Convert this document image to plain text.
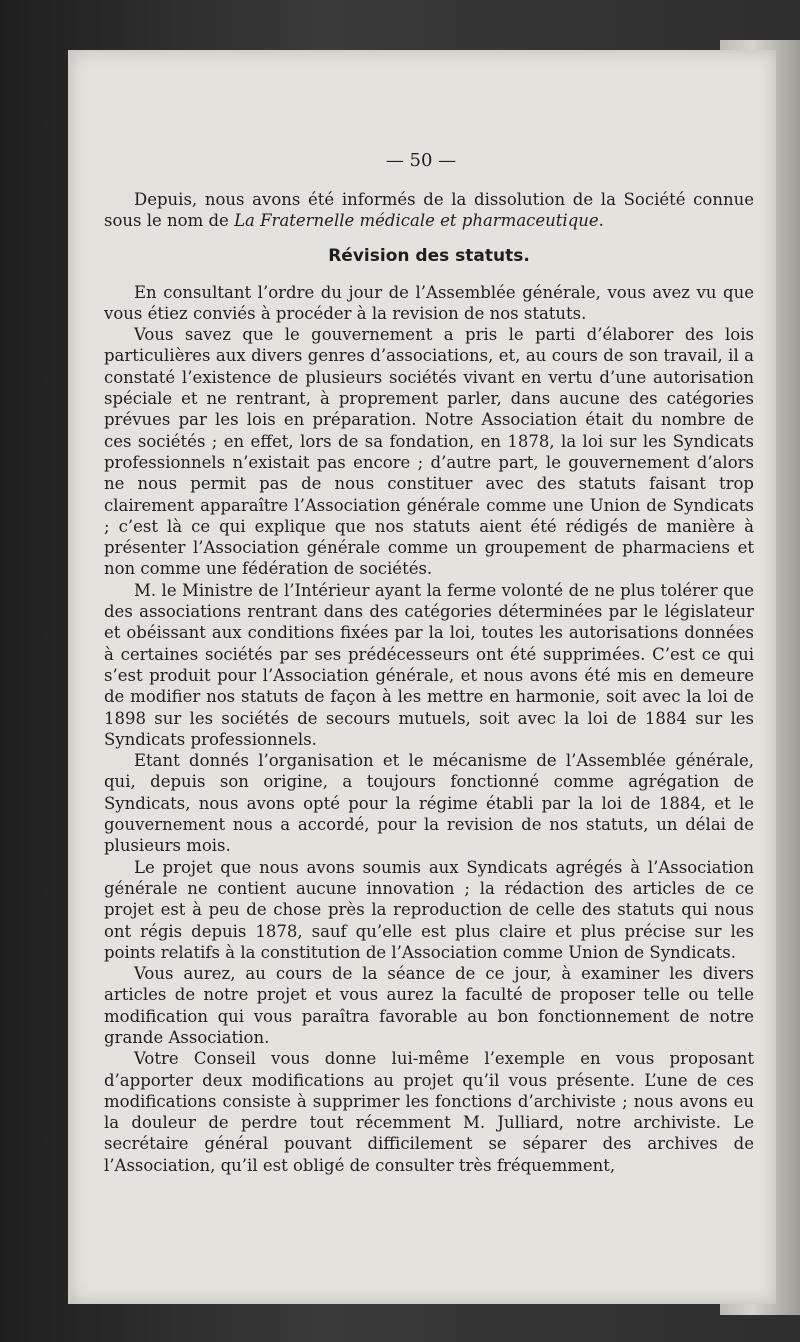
— 50 —

Depuis, nous avons été informés de la dissolution de la Société connue sous le nom de La Fraternelle médicale et pharmaceutique.

Révision des statuts.

En consultant l’ordre du jour de l’Assemblée générale, vous avez vu que vous étiez conviés à procéder à la revision de nos statuts.

Vous savez que le gouvernement a pris le parti d’élaborer des lois particulières aux divers genres d’associations, et, au cours de son travail, il a constaté l’existence de plusieurs sociétés vivant en vertu d’une autorisation spéciale et ne rentrant, à proprement parler, dans aucune des catégories prévues par les lois en préparation. Notre Association était du nombre de ces sociétés ; en effet, lors de sa fondation, en 1878, la loi sur les Syndicats professionnels n’existait pas encore ; d’autre part, le gouvernement d’alors ne nous permit pas de nous constituer avec des statuts faisant trop clairement apparaître l’Association générale comme une Union de Syndicats ; c’est là ce qui explique que nos statuts aient été rédigés de manière à présenter l’Association générale comme un groupement de pharmaciens et non comme une fédération de sociétés.

M. le Ministre de l’Intérieur ayant la ferme volonté de ne plus tolérer que des associations rentrant dans des catégories déterminées par le législateur et obéissant aux conditions fixées par la loi, toutes les autorisations données à certaines sociétés par ses prédécesseurs ont été supprimées. C’est ce qui s’est produit pour l’Association générale, et nous avons été mis en demeure de modifier nos statuts de façon à les mettre en harmonie, soit avec la loi de 1898 sur les sociétés de secours mutuels, soit avec la loi de 1884 sur les Syndicats professionnels.

Etant donnés l’organisation et le mécanisme de l’Assemblée générale, qui, depuis son origine, a toujours fonctionné comme agrégation de Syndicats, nous avons opté pour la régime établi par la loi de 1884, et le gouvernement nous a accordé, pour la revision de nos statuts, un délai de plusieurs mois.

Le projet que nous avons soumis aux Syndicats agrégés à l’Association générale ne contient aucune innovation ; la rédaction des articles de ce projet est à peu de chose près la reproduction de celle des statuts qui nous ont régis depuis 1878, sauf qu’elle est plus claire et plus précise sur les points relatifs à la constitution de l’Association comme Union de Syndicats.

Vous aurez, au cours de la séance de ce jour, à examiner les divers articles de notre projet et vous aurez la faculté de proposer telle ou telle modification qui vous paraîtra favorable au bon fonctionnement de notre grande Association.

Votre Conseil vous donne lui-même l’exemple en vous proposant d’apporter deux modifications au projet qu’il vous présente. L’une de ces modifications consiste à supprimer les fonctions d’archiviste ; nous avons eu la douleur de perdre tout récemment M. Julliard, notre archiviste. Le secrétaire général pouvant difficilement se séparer des archives de l’Association, qu’il est obligé de consulter très fréquemment,
